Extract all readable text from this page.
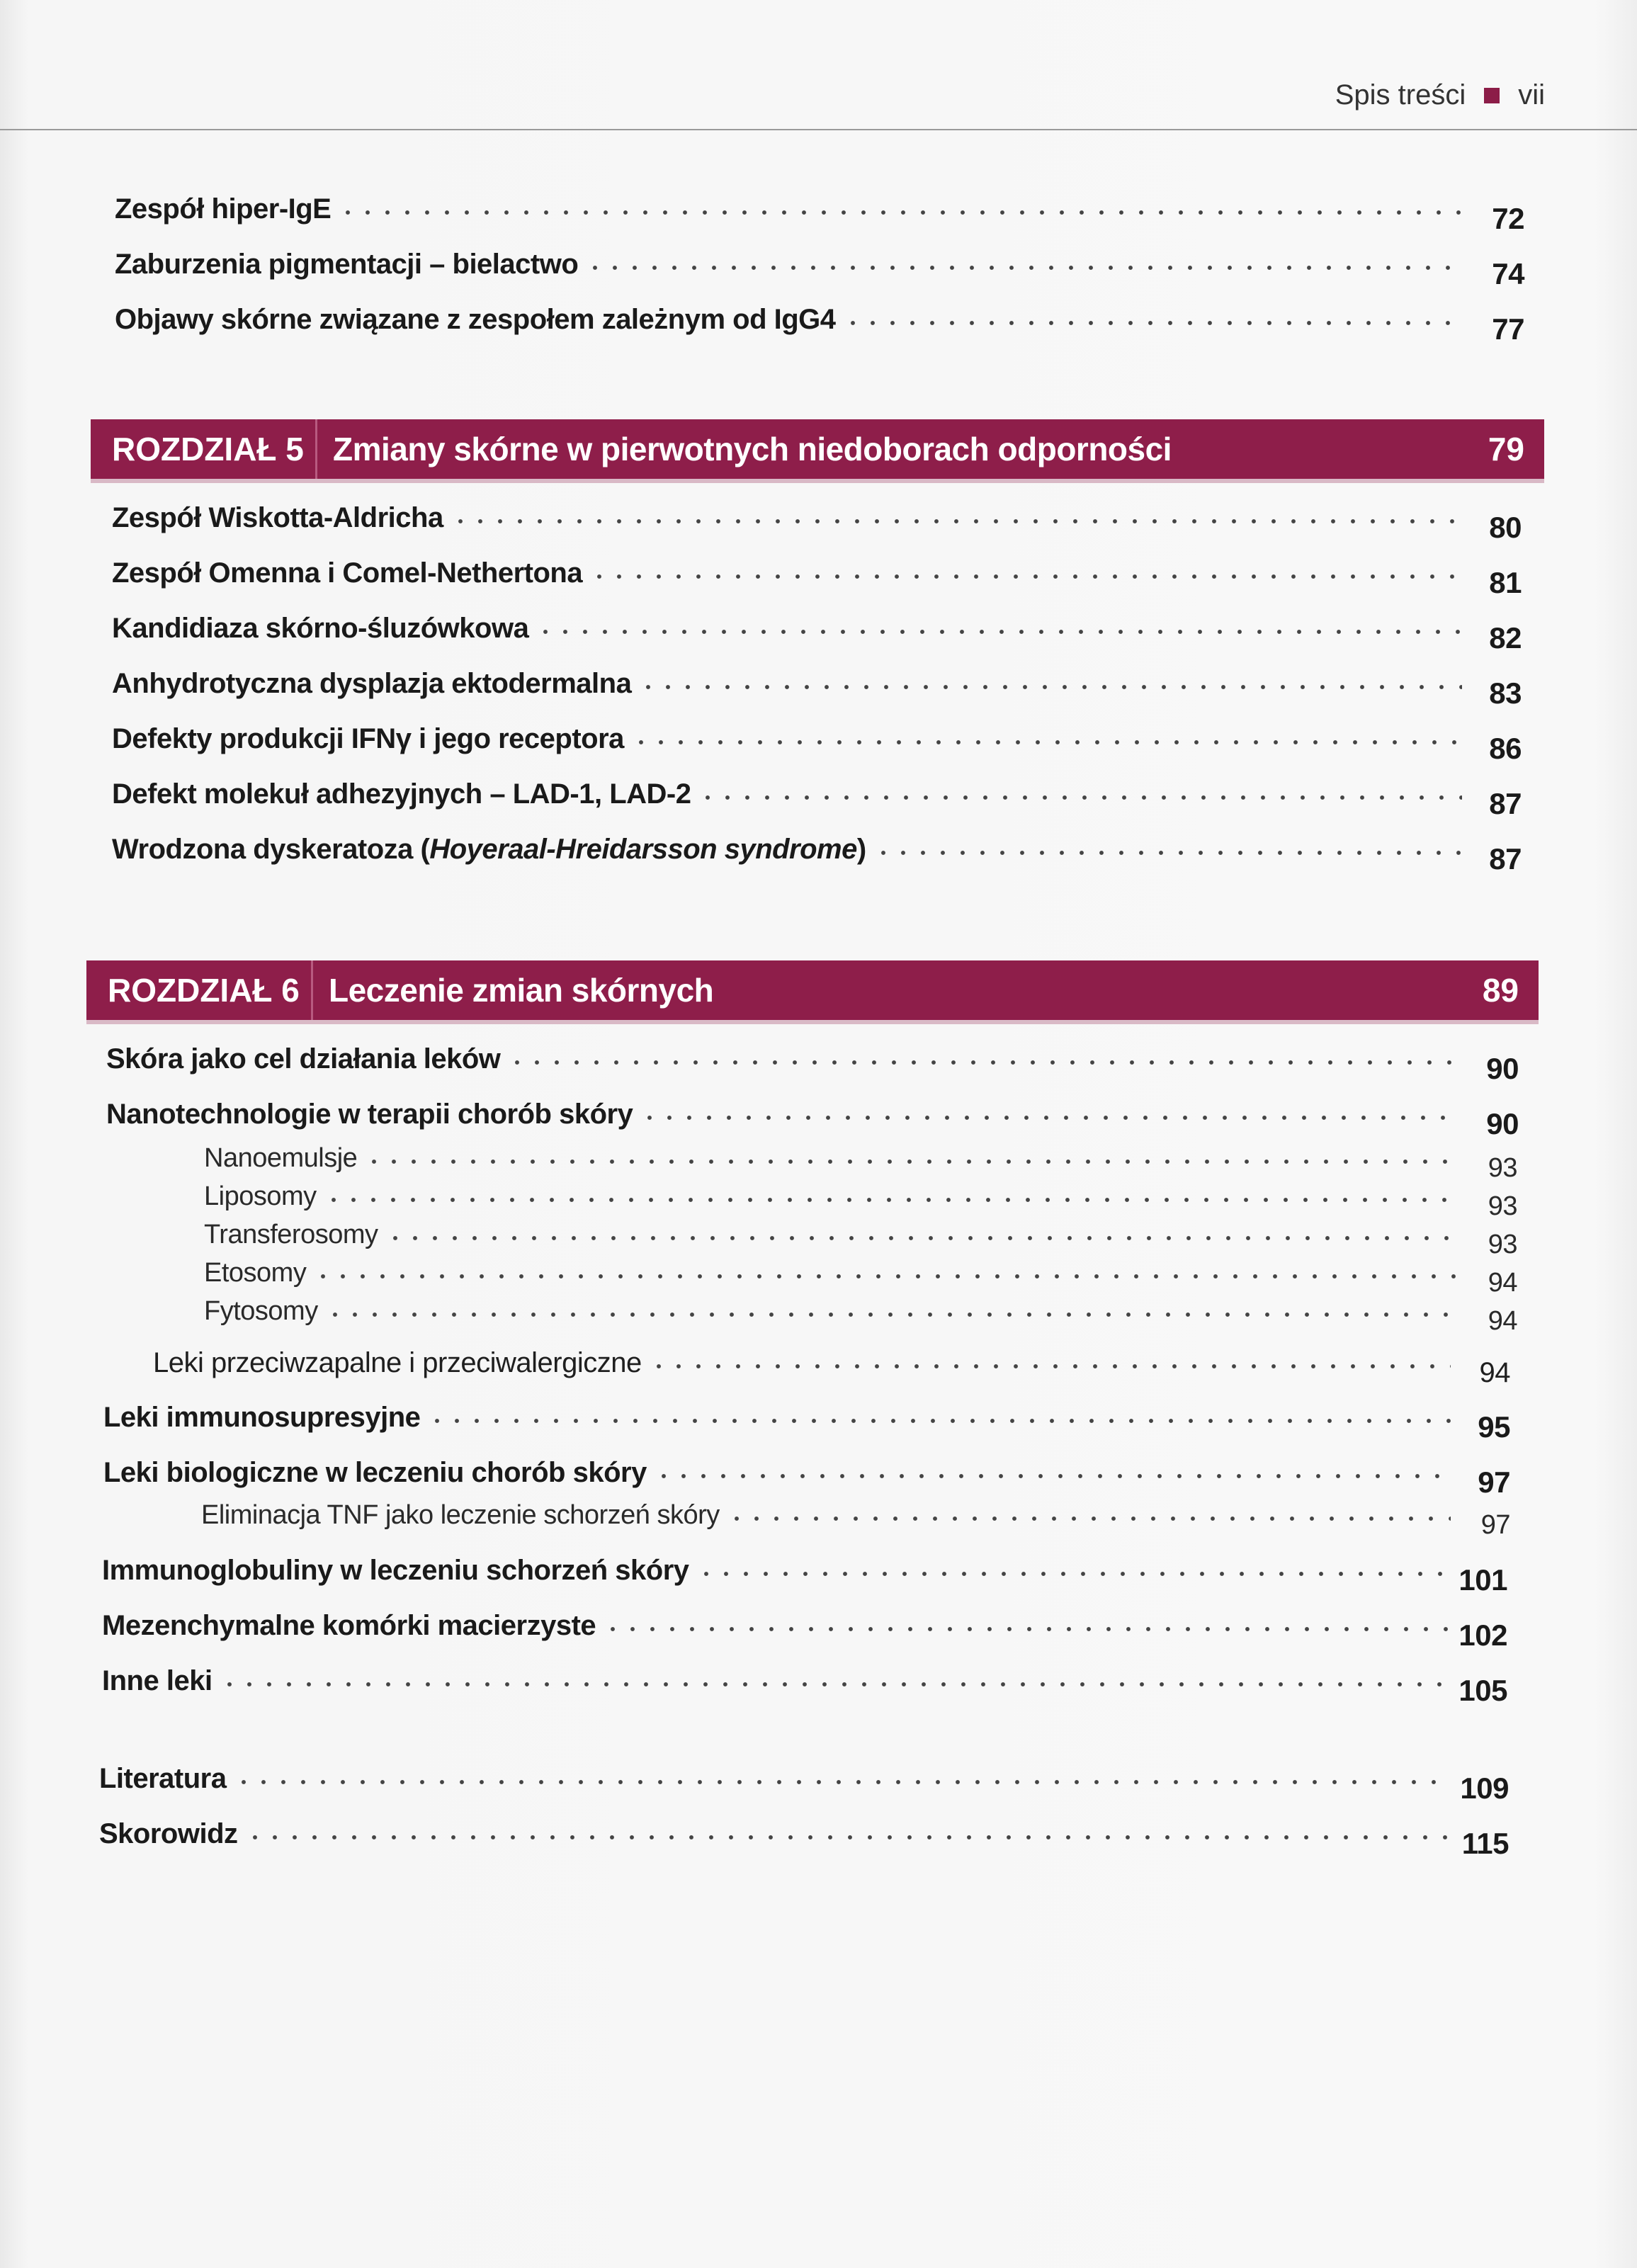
Spis treści vii
Zespół hiper-IgE	72
Zaburzenia pigmentacji – bielactwo	74
Objawy skórne związane z zespołem zależnym od IgG4	77
ROZDZIAŁ 5 Zmiany skórne w pierwotnych niedoborach odporności	79
Zespół Wiskotta-Aldricha	80
Zespół Omenna i Comel-Nethertona	81
Kandidiaza skórno-śluzówkowa	82
Anhydrotyczna dysplazja ektodermalna	83
Defekty produkcji IFNγ i jego receptora	86
Defekt molekuł adhezyjnych – LAD-1, LAD-2	87
Wrodzona dyskeratoza (Hoyeraal-Hreidarsson syndrome)	87
ROZDZIAŁ 6 Leczenie zmian skórnych	89
Skóra jako cel działania leków	90
Nanotechnologie w terapii chorób skóry	90
Nanoemulsje	93
Liposomy	93
Transferosomy	93
Etosomy	94
Fytosomy	94
Leki przeciwzapalne i przeciwalergiczne	94
Leki immunosupresyjne	95
Leki biologiczne w leczeniu chorób skóry	97
Eliminacja TNF jako leczenie schorzeń skóry	97
Immunoglobuliny w leczeniu schorzeń skóry	101
Mezenchymalne komórki macierzyste	102
Inne leki	105
Literatura	109
Skorowidz	115
